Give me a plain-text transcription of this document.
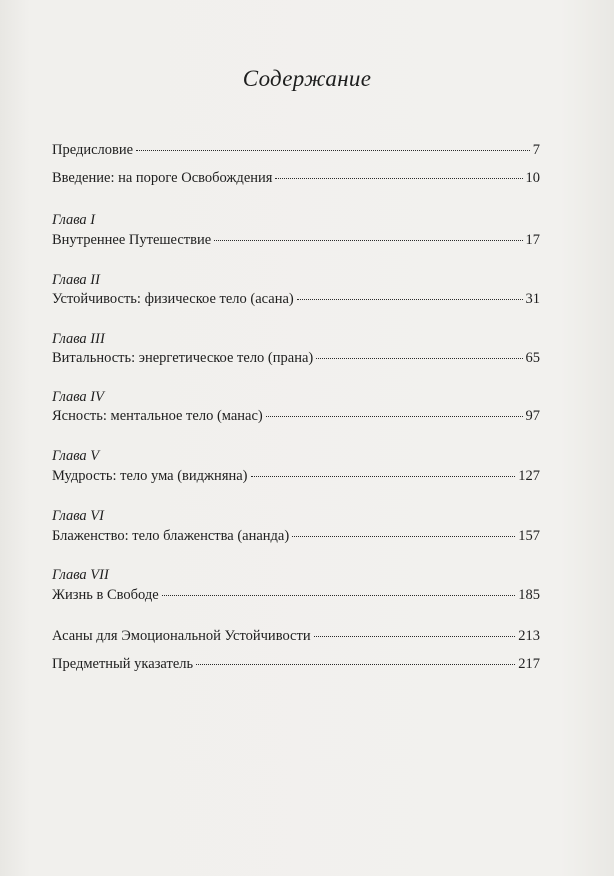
Содержание
Предисловие	7
Введение: на пороге Освобождения	10
Глава I
Внутреннее Путешествие	17
Глава II
Устойчивость: физическое тело (асана)	31
Глава III
Витальность: энергетическое тело (прана)	65
Глава IV
Ясность: ментальное тело (манас)	97
Глава V
Мудрость: тело ума (виджняна)	127
Глава VI
Блаженство: тело блаженства (ананда)	157
Глава VII
Жизнь в Свободе	185
Асаны для Эмоциональной Устойчивости	213
Предметный указатель	217
